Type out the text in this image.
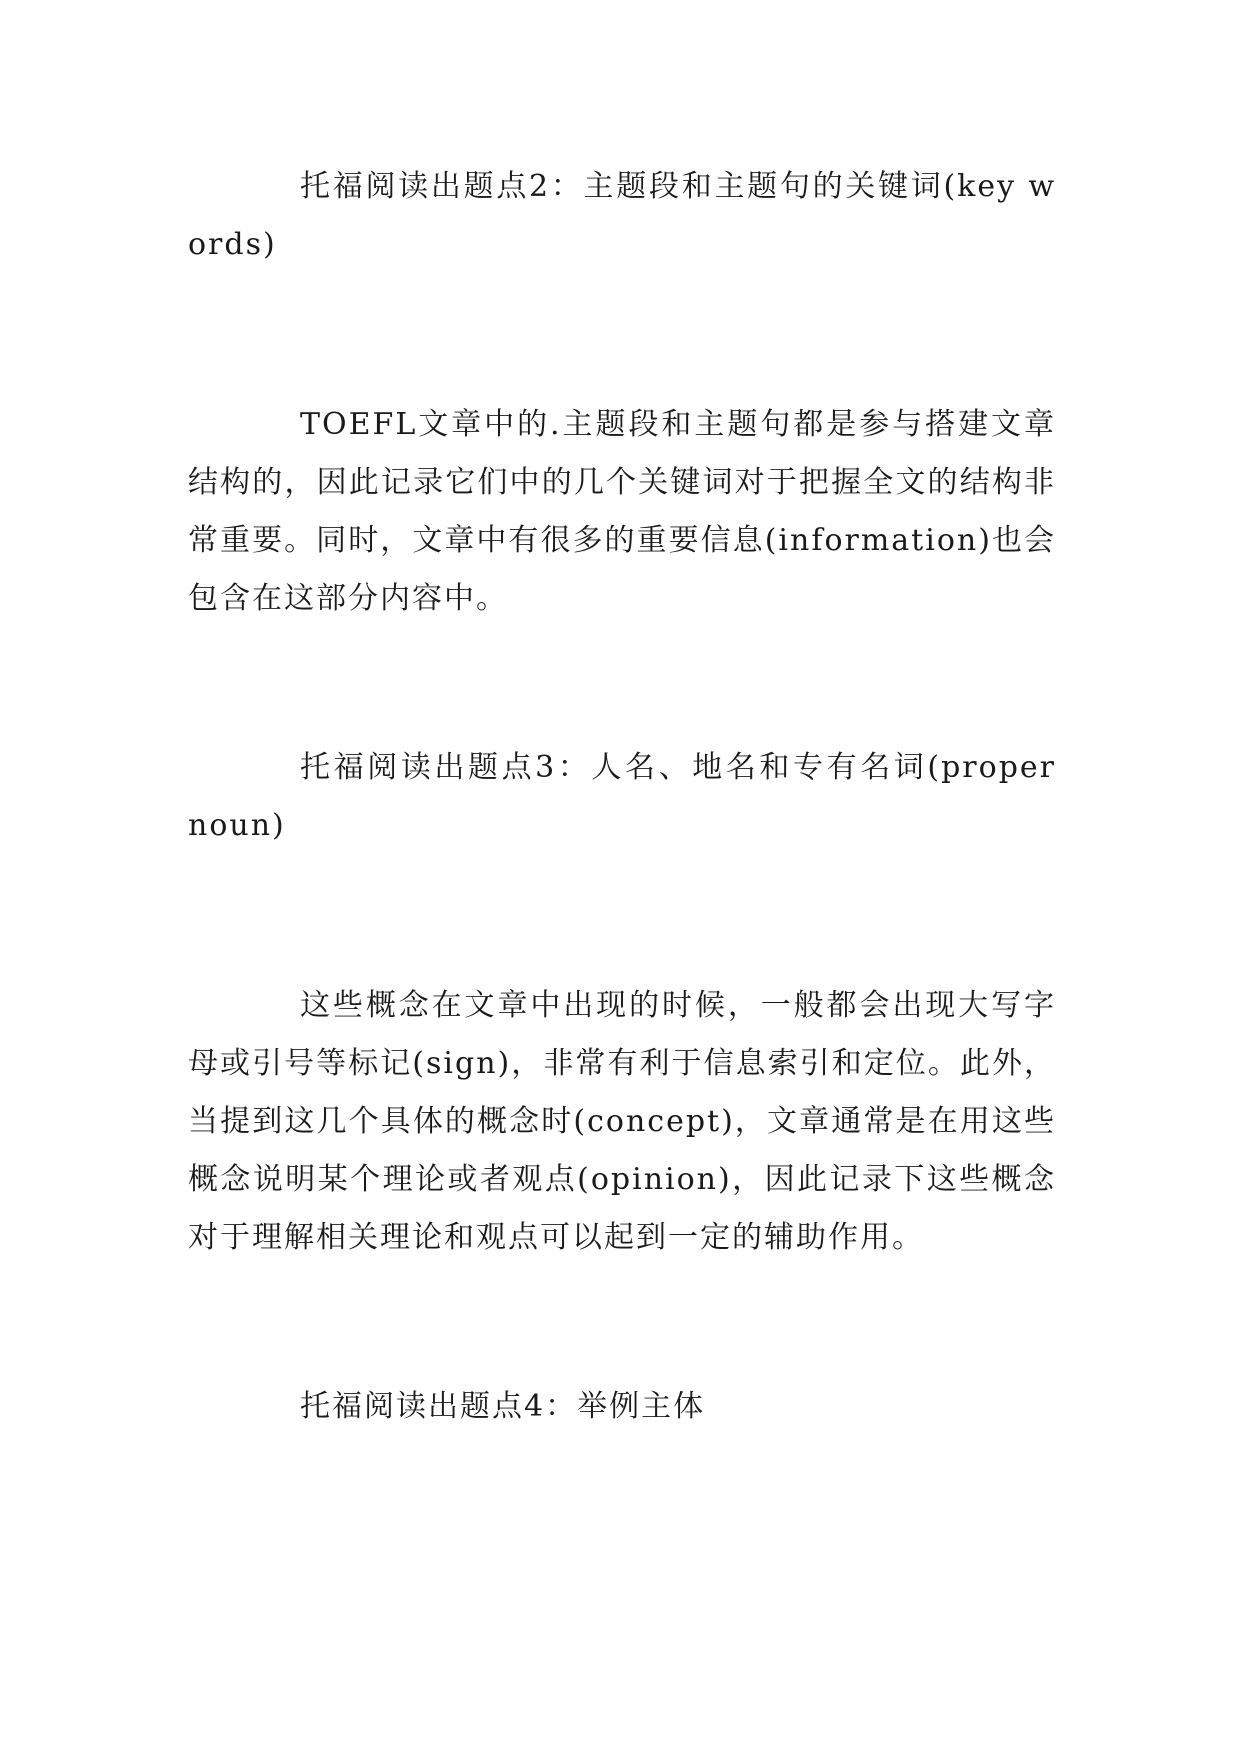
托福阅读出题点2：主题段和主题句的关键词(key words)

TOEFL文章中的.主题段和主题句都是参与搭建文章结构的，因此记录它们中的几个关键词对于把握全文的结构非常重要。同时，文章中有很多的重要信息(information)也会包含在这部分内容中。

托福阅读出题点3：人名、地名和专有名词(proper noun)

这些概念在文章中出现的时候，一般都会出现大写字母或引号等标记(sign)，非常有利于信息索引和定位。此外，当提到这几个具体的概念时(concept)，文章通常是在用这些概念说明某个理论或者观点(opinion)，因此记录下这些概念对于理解相关理论和观点可以起到一定的辅助作用。

托福阅读出题点4：举例主体
